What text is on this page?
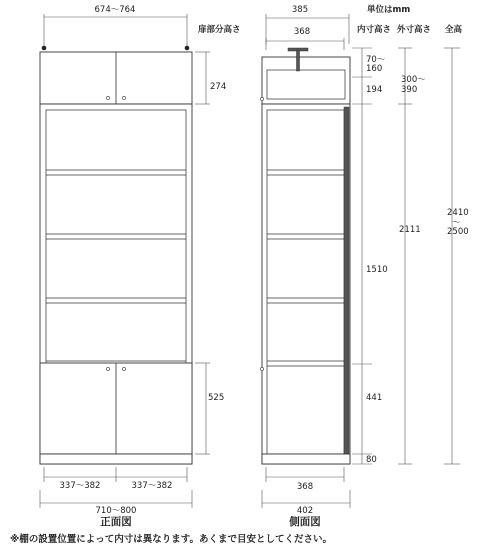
674～764
274
525
337～382	337～382
710～800
正面図
385
368
368
402
側面図
扉部分高さ
単位はmm
内寸高さ 外寸高さ 全高
70～
160
194
1510
441
80
300～
390
2111
2410
～
2500
※棚の設置位置によって内寸は異なります。あくまで目安としてください。
